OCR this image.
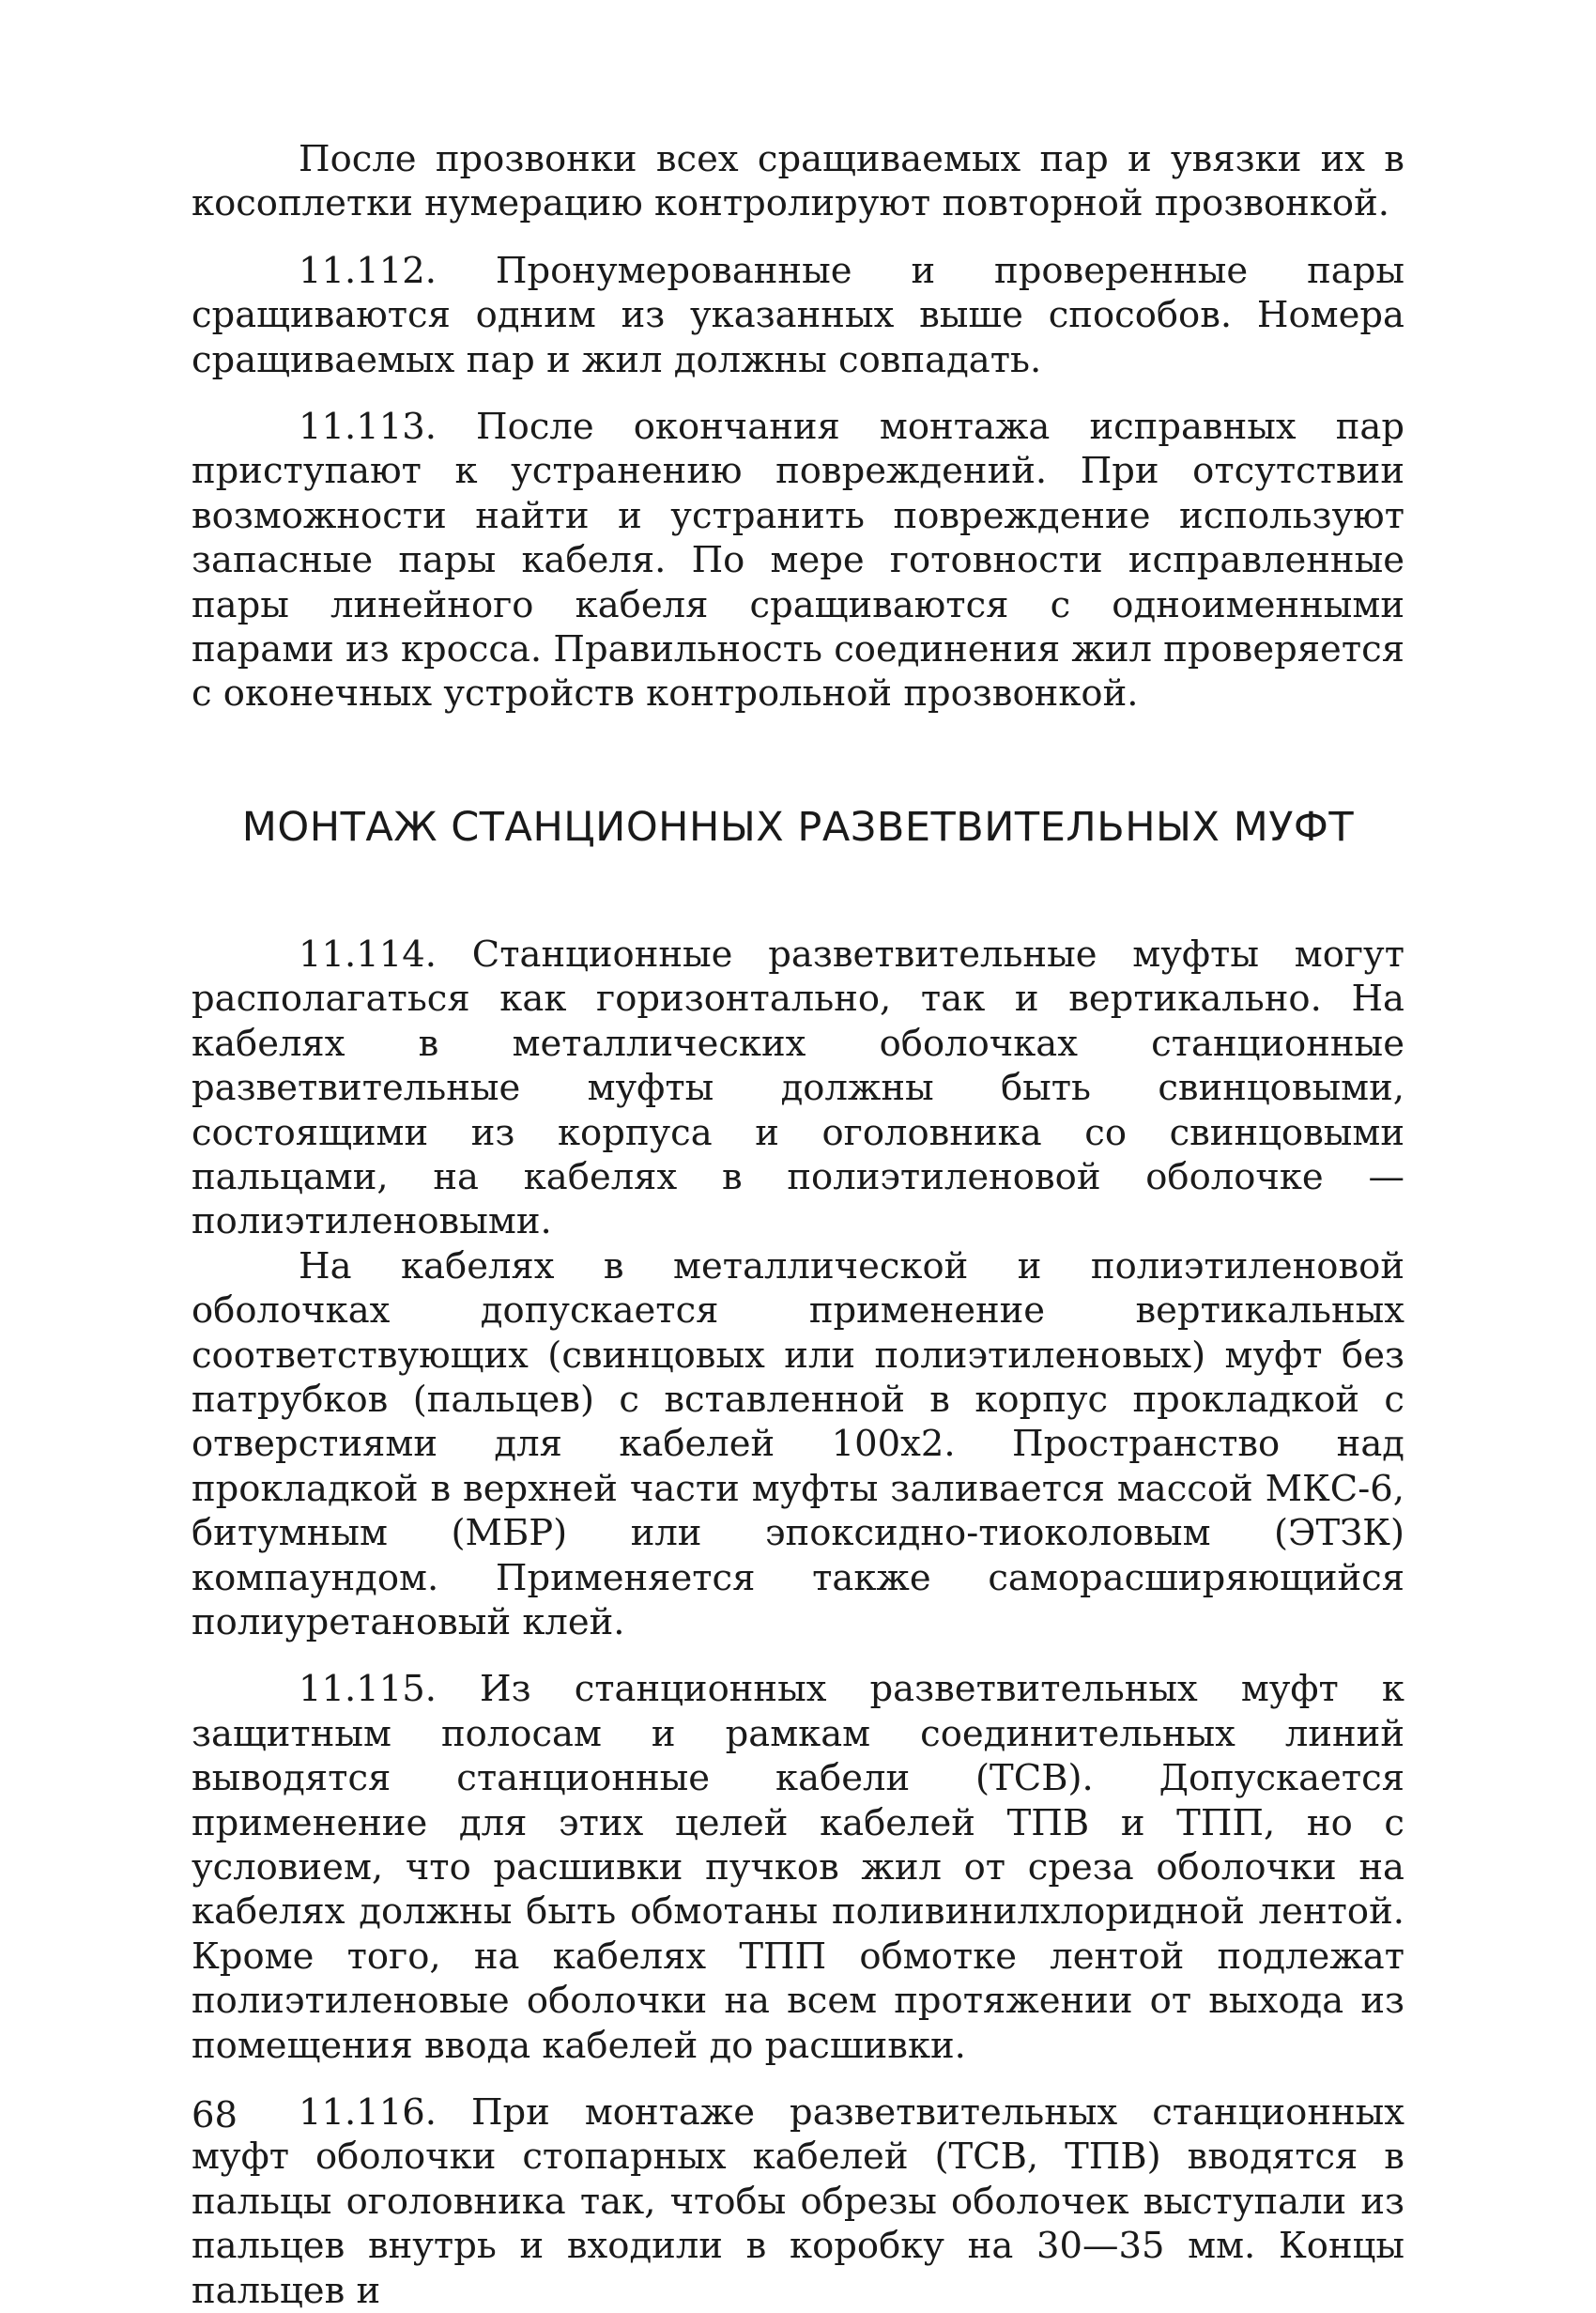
После прозвонки всех сращиваемых пар и увязки их в косоплетки нумерацию контролируют повторной прозвонкой.

11.112. Пронумерованные и проверенные пары сращиваются одним из указанных выше способов. Номера сращиваемых пар и жил должны совпадать.

11.113. После окончания монтажа исправных пар приступают к устранению повреждений. При отсутствии возможности найти и устранить повреждение используют запасные пары кабеля. По мере готовности исправленные пары линейного кабеля сращиваются с одноименными парами из кросса. Правильность соединения жил проверяется с оконечных устройств контрольной прозвонкой.

МОНТАЖ СТАНЦИОННЫХ РАЗВЕТВИТЕЛЬНЫХ МУФТ

11.114. Станционные разветвительные муфты могут располагаться как горизонтально, так и вертикально. На кабелях в металлических оболочках станционные разветвительные муфты должны быть свинцовыми, состоящими из корпуса и оголовника со свинцовыми пальцами, на кабелях в полиэтиленовой оболочке — полиэтиленовыми.

На кабелях в металлической и полиэтиленовой оболочках допускается применение вертикальных соответствующих (свинцовых или полиэтиленовых) муфт без патрубков (пальцев) с вставленной в корпус прокладкой с отверстиями для кабелей 100х2. Пространство над прокладкой в верхней части муфты заливается массой МКС-6, битумным (МБР) или эпоксидно-тиоколовым (ЭТЗК) компаундом. Применяется также саморасширяющийся полиуретановый клей.

11.115. Из станционных разветвительных муфт к защитным полосам и рамкам соединительных линий выводятся станционные кабели (ТСВ). Допускается применение для этих целей кабелей ТПВ и ТПП, но с условием, что расшивки пучков жил от среза оболочки на кабелях должны быть обмотаны поливинилхлоридной лентой. Кроме того, на кабелях ТПП обмотке лентой подлежат полиэтиленовые оболочки на всем протяжении от выхода из помещения ввода кабелей до расшивки.

11.116. При монтаже разветвительных станционных муфт оболочки стопарных кабелей (ТСВ, ТПВ) вводятся в пальцы оголовника так, чтобы обрезы оболочек выступали из пальцев внутрь и входили в коробку на 30—35 мм. Концы пальцев и

68
